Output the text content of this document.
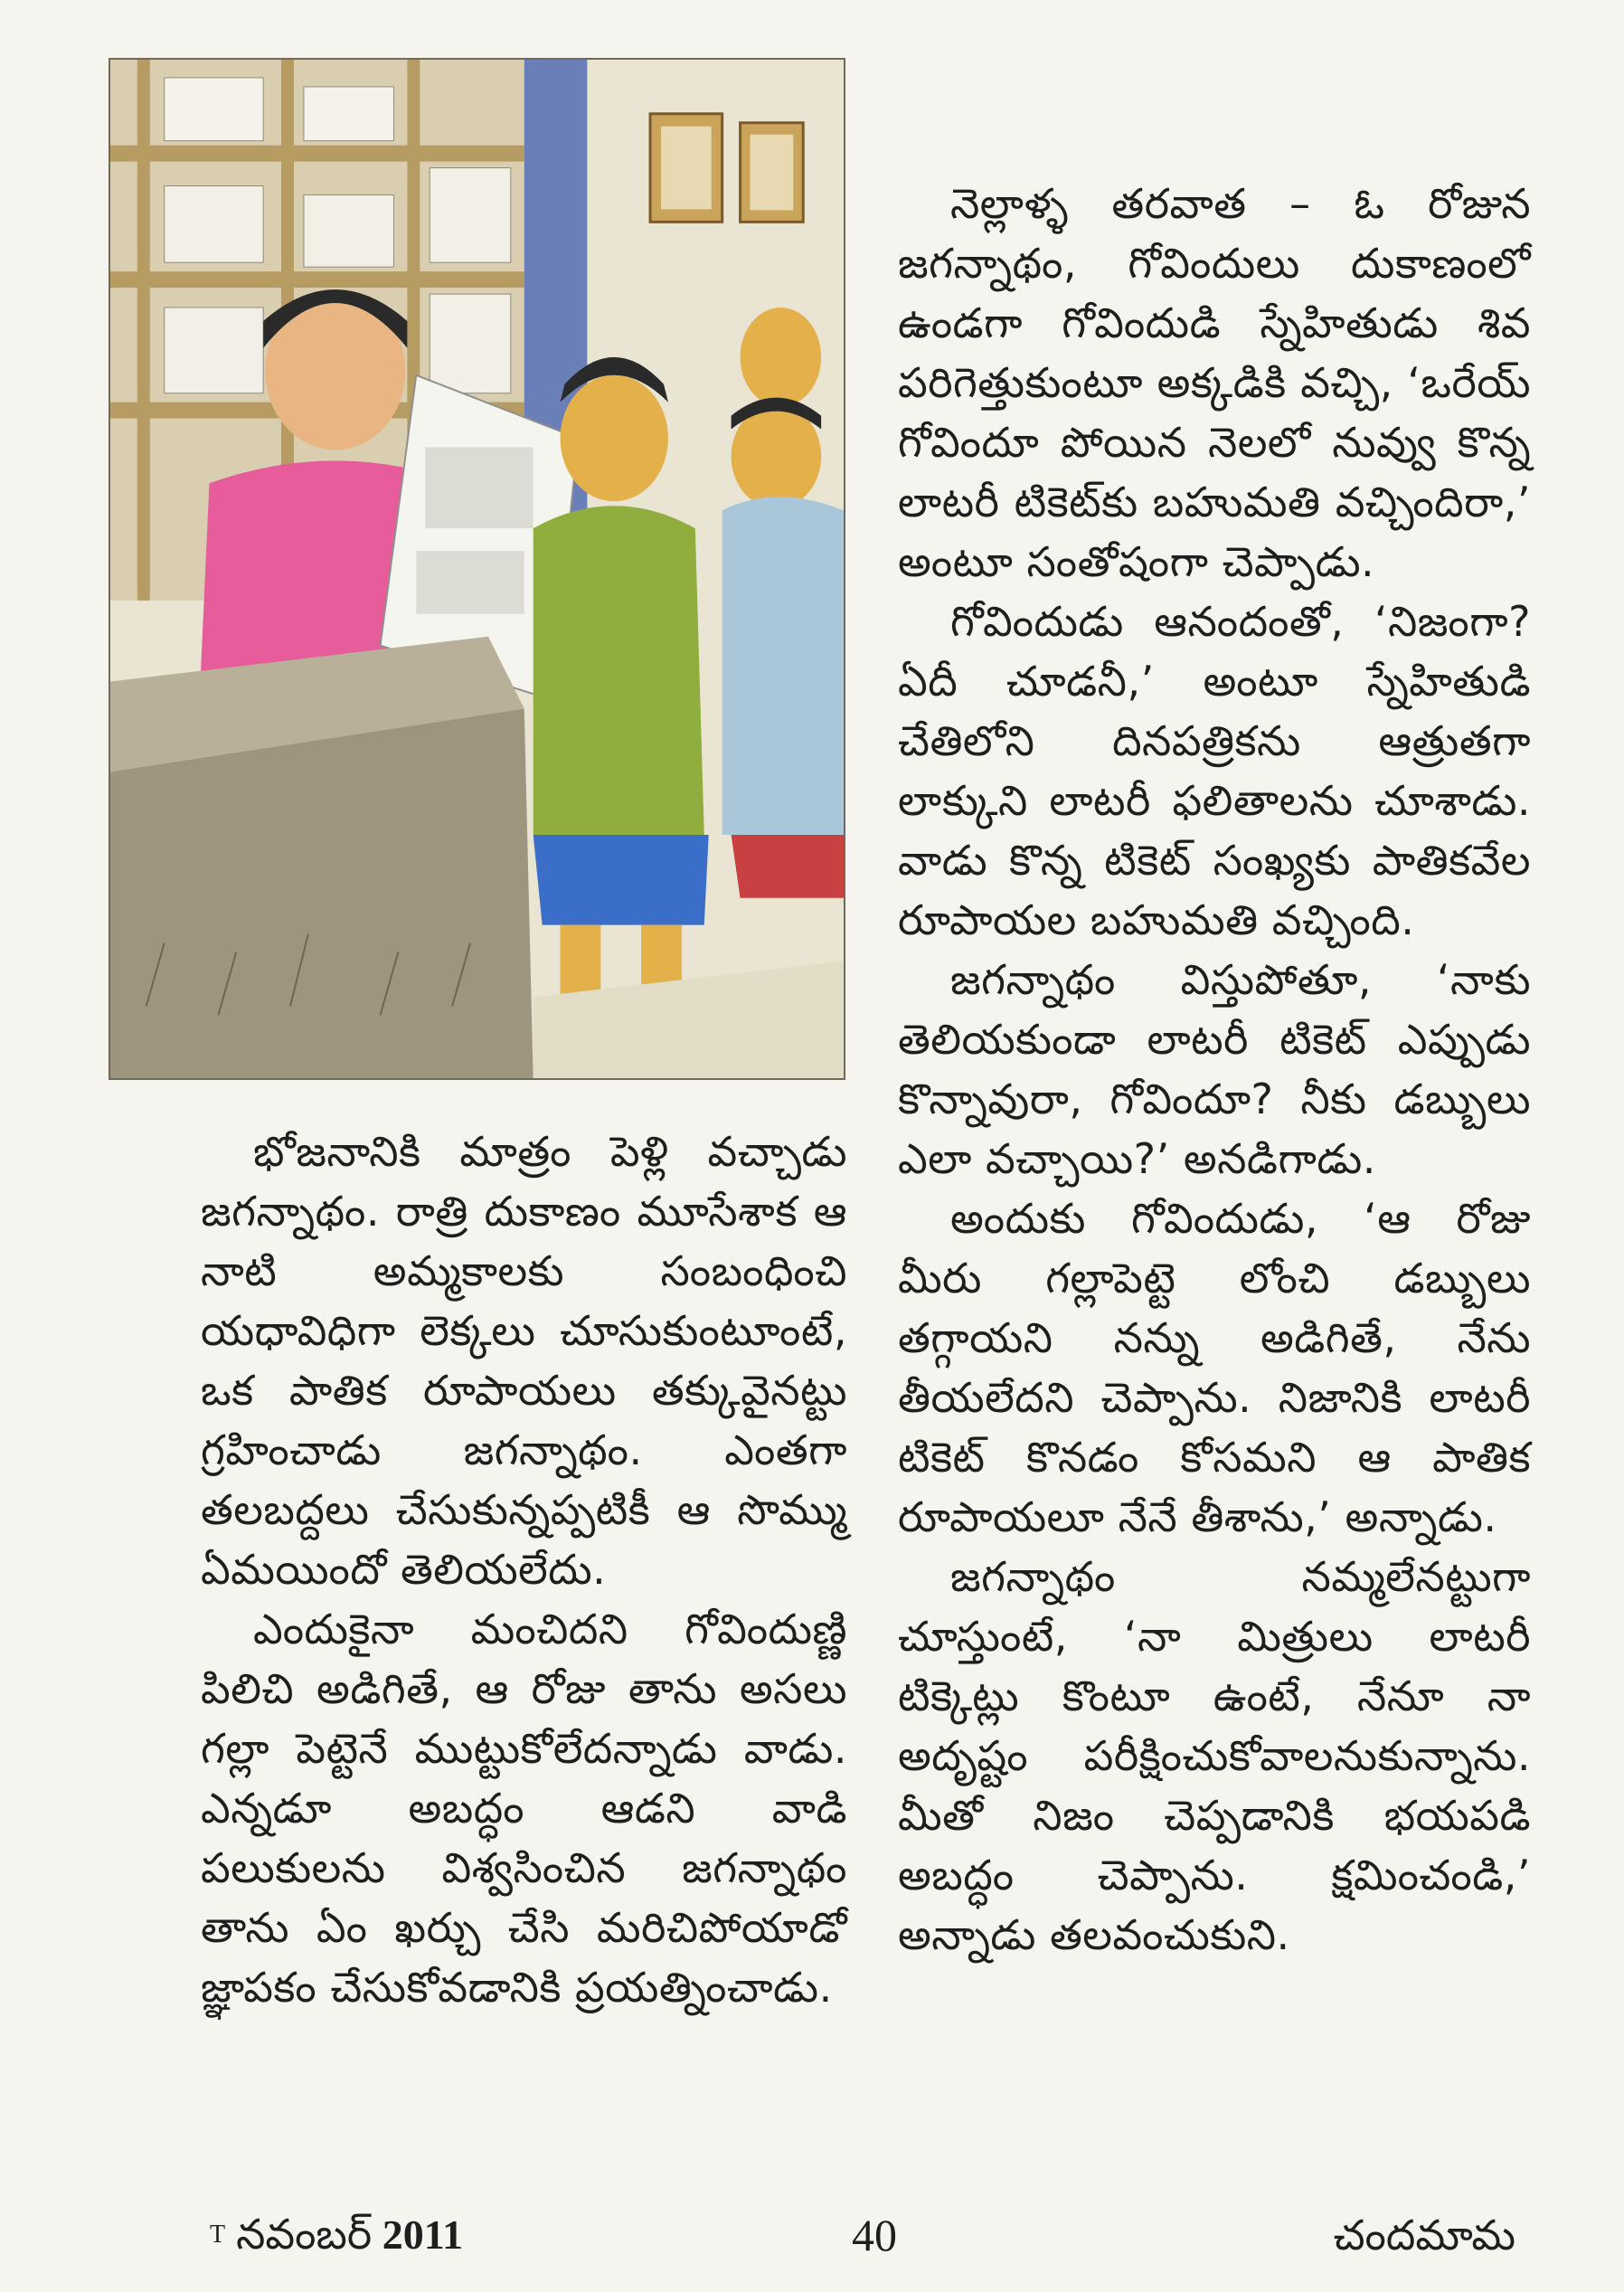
భోజనానికి మాత్రం పెళ్లి వచ్చాడు జగన్నాథం. రాత్రి దుకాణం మూసేశాక ఆ నాటి అమ్మకాలకు సంబంధించి యధావిధిగా లెక్కలు చూసుకుంటూంటే, ఒక పాతిక రూపాయలు తక్కువైనట్టు గ్రహించాడు జగన్నాథం. ఎంతగా తలబద్దలు చేసుకున్నప్పటికీ ఆ సొమ్ము ఏమయిందో తెలియలేదు.

ఎందుకైనా మంచిదని గోవిందుణ్ణి పిలిచి అడిగితే, ఆ రోజు తాను అసలు గల్లా పెట్టెనే ముట్టుకోలేదన్నాడు వాడు. ఎన్నడూ అబద్ధం ఆడని వాడి పలుకులను విశ్వసించిన జగన్నాథం తాను ఏం ఖర్చు చేసి మరిచిపోయాడో జ్ఞాపకం చేసుకోవడానికి ప్రయత్నించాడు.

నెల్లాళ్ళ తరవాత – ఓ రోజున జగన్నాథం, గోవిందులు దుకాణంలో ఉండగా గోవిందుడి స్నేహితుడు శివ పరిగెత్తుకుంటూ అక్కడికి వచ్చి, ‘ఒరేయ్ గోవిందూ పోయిన నెలలో నువ్వు కొన్న లాటరీ టికెట్‌కు బహుమతి వచ్చిందిరా,’ అంటూ సంతోషంగా చెప్పాడు.

గోవిందుడు ఆనందంతో, ‘నిజంగా? ఏదీ చూడనీ,’ అంటూ స్నేహితుడి చేతిలోని దినపత్రికను ఆత్రుతగా లాక్కుని లాటరీ ఫలితాలను చూశాడు. వాడు కొన్న టికెట్ సంఖ్యకు పాతికవేల రూపాయల బహుమతి వచ్చింది.

జగన్నాథం విస్తుపోతూ, ‘నాకు తెలియకుండా లాటరీ టికెట్ ఎప్పుడు కొన్నావురా, గోవిందూ? నీకు డబ్బులు ఎలా వచ్చాయి?’ అనడిగాడు.

అందుకు గోవిందుడు, ‘ఆ రోజు మీరు గల్లాపెట్టె లోంచి డబ్బులు తగ్గాయని నన్ను అడిగితే, నేను తీయలేదని చెప్పాను. నిజానికి లాటరీ టికెట్ కొనడం కోసమని ఆ పాతిక రూపాయలూ నేనే తీశాను,’ అన్నాడు.

జగన్నాథం నమ్మలేనట్టుగా చూస్తుంటే, ‘నా మిత్రులు లాటరీ టిక్కెట్లు కొంటూ ఉంటే, నేనూ నా అదృష్టం పరీక్షించుకోవాలనుకున్నాను. మీతో నిజం చెప్పడానికి భయపడి అబద్ధం చెప్పాను. క్షమించండి,’ అన్నాడు తలవంచుకుని.

$^T$ నవంబర్ 2011	40	చందమామ
